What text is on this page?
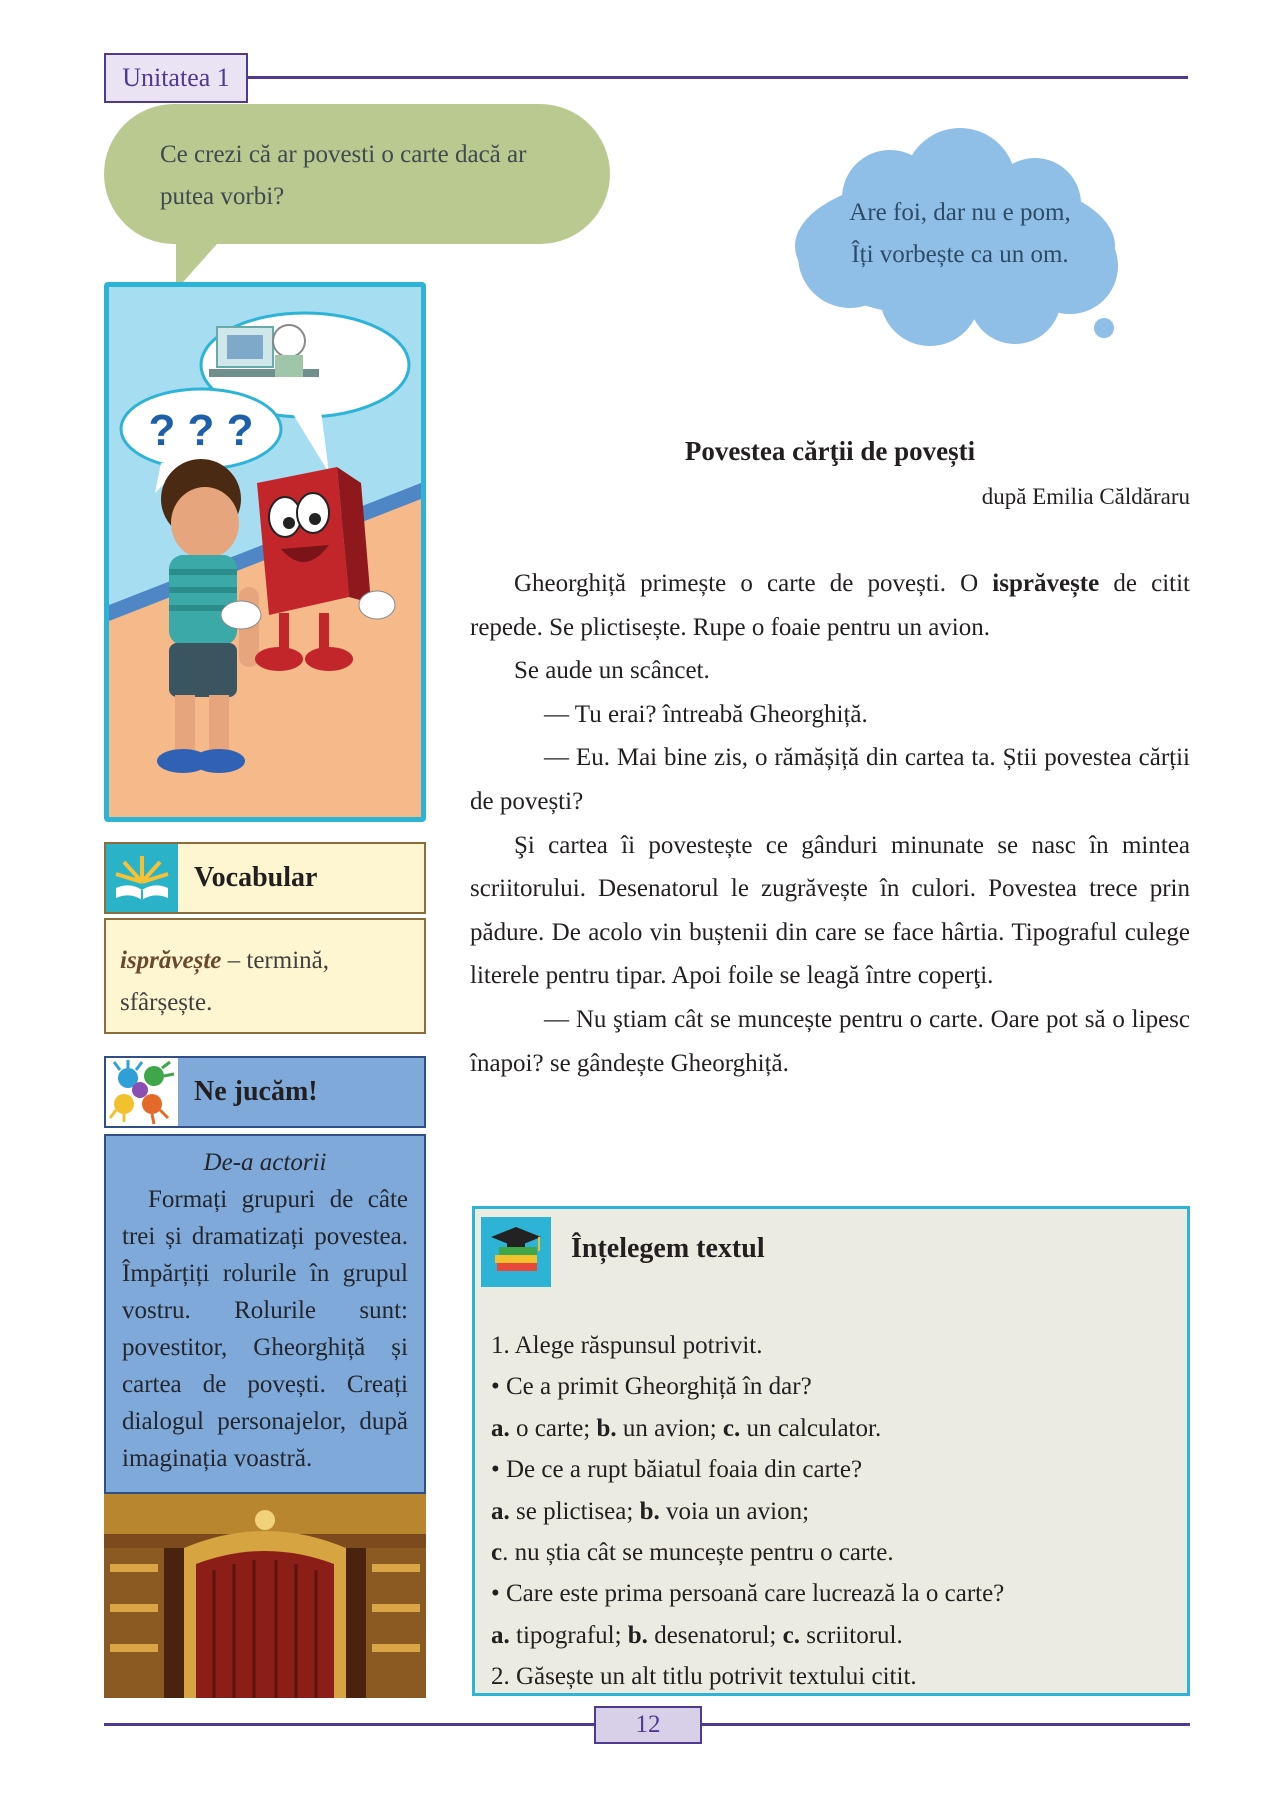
Unitatea 1
Ce crezi că ar povesti o carte dacă ar putea vorbi?
Are foi, dar nu e pom,
Îți vorbește ca un om.
? ? ?
Vocabular
isprăvește – termină, sfârșește.
Ne jucăm!
De-a actorii
Formați grupuri de câte trei și dramatizați povestea. Împărțiți rolurile în grupul vostru. Rolurile sunt: povestitor, Gheorghiță și cartea de povești. Creați dialogul personajelor, după imaginația voastră.
Povestea cărţii de povești
după Emilia Căldăraru

Gheorghiță primește o carte de povești. O isprăvește de citit repede. Se plictisește. Rupe o foaie pentru un avion.

Se aude un scâncet.

— Tu erai? întreabă Gheorghiță.

— Eu. Mai bine zis, o rămășiță din cartea ta. Știi povestea cărții de povești?

Şi cartea îi povestește ce gânduri minunate se nasc în mintea scriitorului. Desenatorul le zugrăvește în culori. Povestea trece prin pădure. De acolo vin buștenii din care se face hârtia. Tipograful culege literele pentru tipar. Apoi foile se leagă între coperţi.

— Nu ştiam cât se muncește pentru o carte. Oare pot să o lipesc înapoi? se gândește Gheorghiță.

Înțelegem textul
1. Alege răspunsul potrivit.
• Ce a primit Gheorghiță în dar?
a. o carte; b. un avion; c. un calculator.
• De ce a rupt băiatul foaia din carte?
a. se plictisea; b. voia un avion;
c. nu știa cât se muncește pentru o carte.
• Care este prima persoană care lucrează la o carte?
a. tipograful; b. desenatorul; c. scriitorul.
2. Găsește un alt titlu potrivit textului citit.
12
